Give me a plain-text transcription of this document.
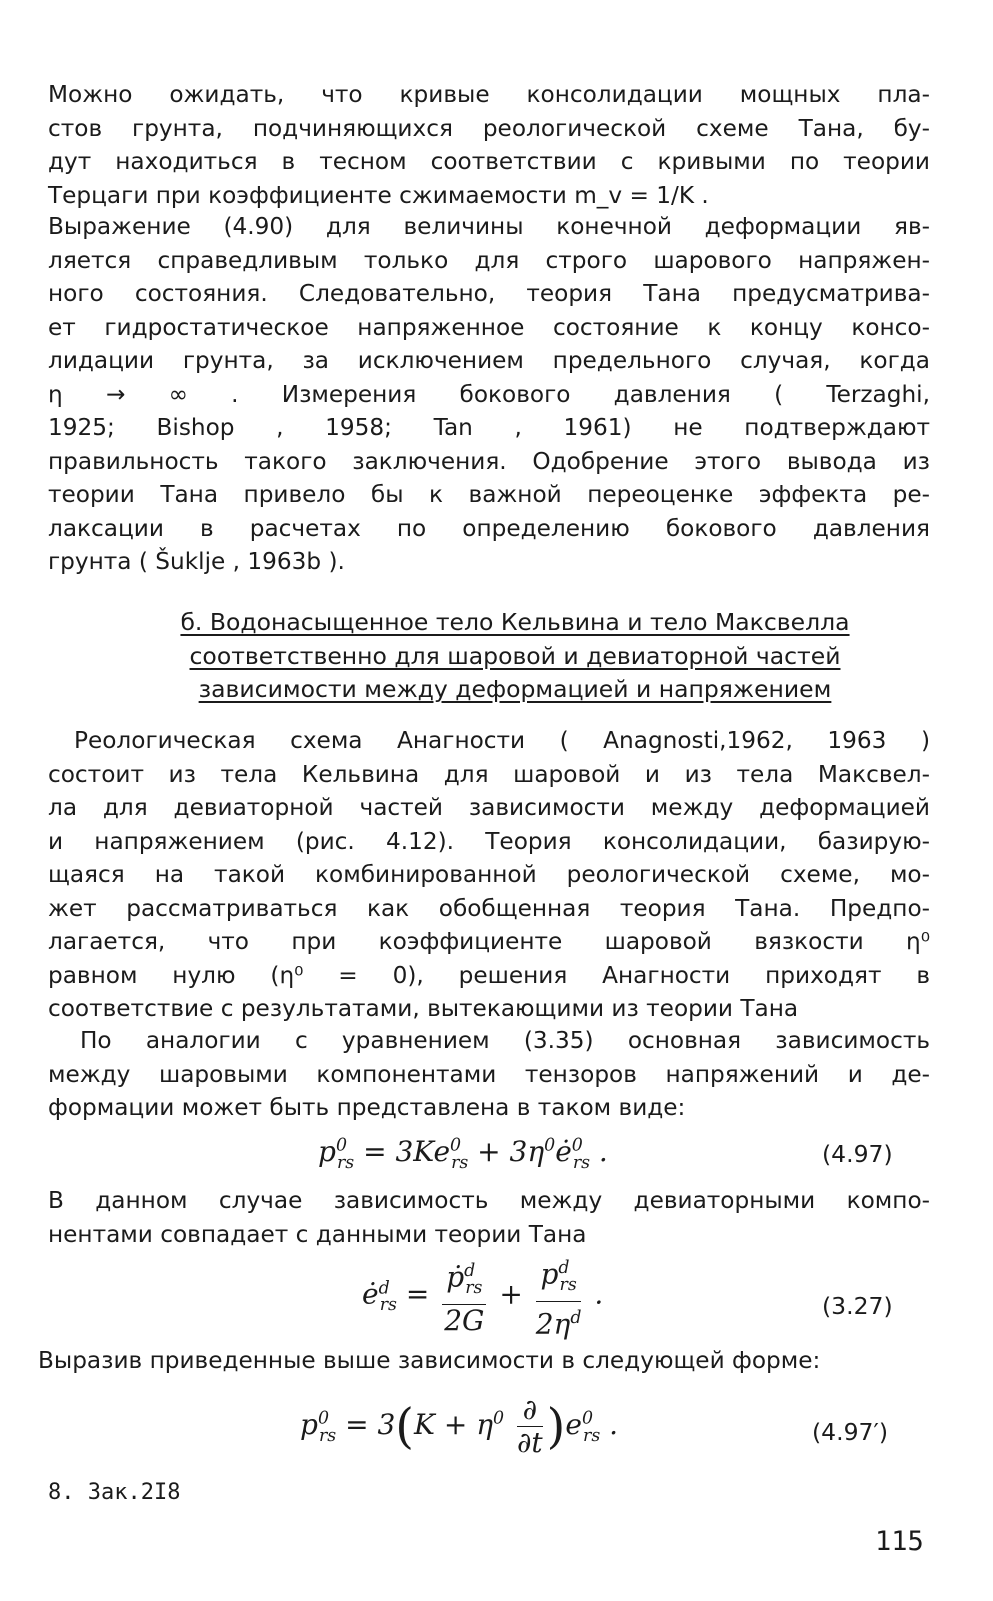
Можно ожидать, что кривые консолидации мощных пла-
стов грунта, подчиняющихся реологической схеме Тана, бу-
дут находиться в тесном соответствии с кривыми по теории
Терцаги при коэффициенте сжимаемости m_v = 1/K .
Выражение (4.90) для величины конечной деформации яв-
ляется справедливым только для строго шарового напряжен-
ного состояния. Следовательно, теория Тана предусматрива-
ет гидростатическое напряженное состояние к концу консо-
лидации грунта, за исключением предельного случая, когда
η → ∞ . Измерения бокового давления ( Terzaghi,
1925; Bishop , 1958; Tan , 1961) не подтверждают
правильность такого заключения. Одобрение этого вывода из
теории Тана привело бы к важной переоценке эффекта ре-
лаксации в расчетах по определению бокового давления
грунта ( Šuklje , 1963b ).
б. Водонасыщенное тело Кельвина и тело Максвелла
соответственно для шаровой и девиаторной частей
зависимости между деформацией и напряжением
Реологическая схема Анагности ( Anagnosti,1962, 1963 )
состоит из тела Кельвина для шаровой и из тела Максвел-
ла для девиаторной частей зависимости между деформацией
и напряжением (рис. 4.12). Теория консолидации, базирую-
щаяся на такой комбинированной реологической схеме, мо-
жет рассматриваться как обобщенная теория Тана. Предпо-
лагается, что при коэффициенте шаровой вязкости η⁰
равном нулю (η⁰ = 0), решения Анагности приходят в
соответствие с результатами, вытекающими из теории Тана
По аналогии с уравнением (3.35) основная зависимость
между шаровыми компонентами тензоров напряжений и де-
формации может быть представлена в таком виде:
$p^0_{rs} = 3Ke^0_{rs}$ + $3\eta^0ė^0_{rs}$ .	(4.97)
В данном случае зависимость между девиаторными компо-
нентами совпадает с данными теории Тана
$ė^d_{rs} = \frac{ṗ^d_{rs}}{2G} + \frac{p^d_{rs}}{2\eta^d}$ .	(3.27)
Выразив приведенные выше зависимости в следующей форме:
$p^0_{rs} = 3(K + \eta^0 \frac{\partial}{\partial t} )e^0_{rs}$ .	(4.97′)
8. Зак.2I8
115
